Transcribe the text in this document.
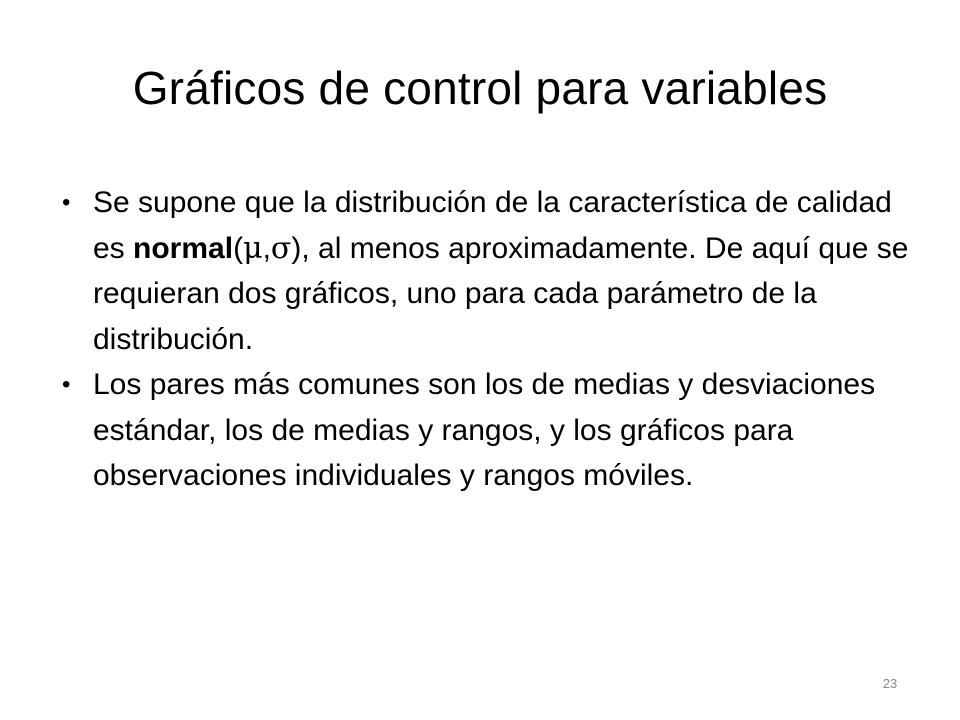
Gráficos de control para variables
• Se supone que la distribución de la característica de calidad es normal(μ,σ), al menos aproximadamente. De aquí que se requieran dos gráficos, uno para cada parámetro de la distribución.
• Los pares más comunes son los de medias y desviaciones estándar, los de medias y rangos, y los gráficos para observaciones individuales y rangos móviles.
23
